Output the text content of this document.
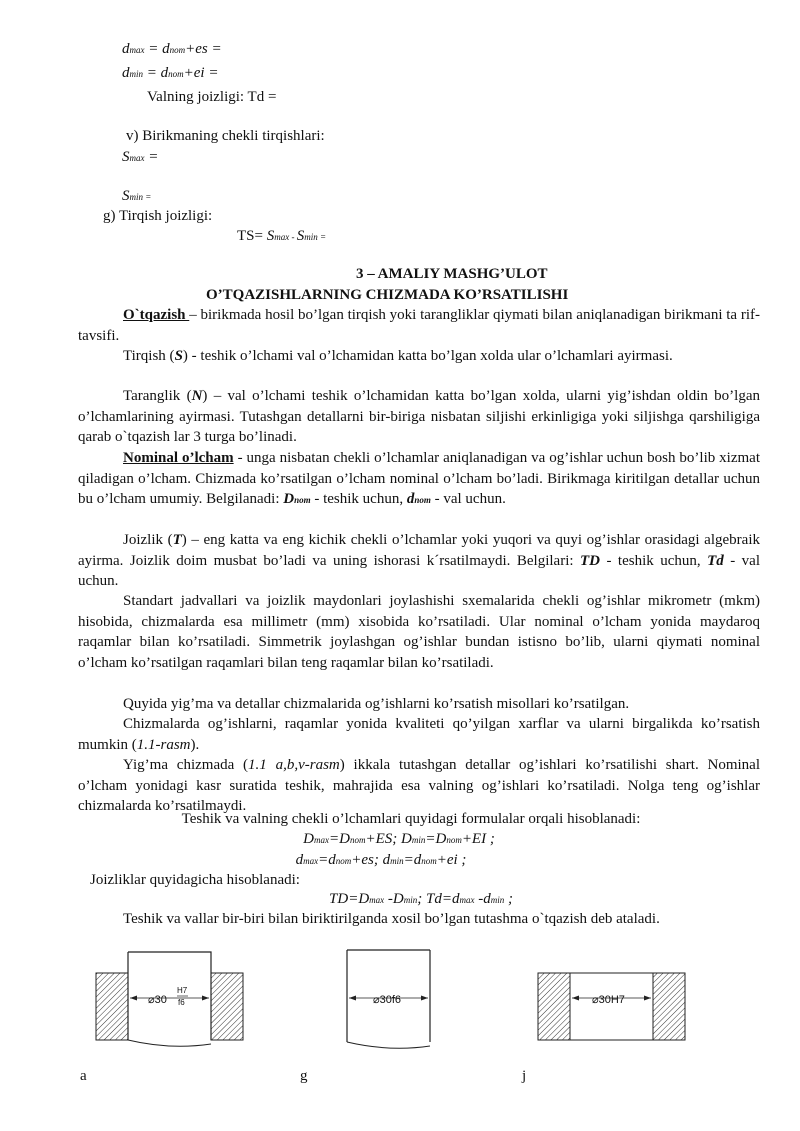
dmax = dnom+es =
dmin = dnom+ei =
Valning joizligi: Td =
v) Birikmaning chekli tirqishlari:
Smax =
Smin =
g) Tirqish joizligi:
TS= Smax - Smin =
3 – AMALIY MASHG’ULOT
O’TQAZISHLARNING CHIZMADA KO’RSATILISHI
O`tqazish – birikmada hosil bo’lgan tirqish yoki tarangliklar qiymati bilan aniqlanadigan birikmani ta rif-tavsifi.
Tirqish (S) - teshik o’lchami val o’lchamidan katta bo’lgan xolda ular o’lchamlari ayirmasi.
Taranglik (N) – val o’lchami teshik o’lchamidan katta bo’lgan xolda, ularni yig’ishdan oldin bo’lgan o’lchamlarining ayirmasi. Tutashgan detallarni bir-biriga nisbatan siljishi erkinligiga yoki siljishga qarshiligiga qarab o`tqazish lar 3 turga bo’linadi.
Nominal o’lcham - unga nisbatan chekli o’lchamlar aniqlanadigan va og’ishlar uchun bosh bo’lib xizmat qiladigan o’lcham. Chizmada ko’rsatilgan o’lcham nominal o’lcham bo’ladi. Birikmaga kiritilgan detallar uchun bu o’lcham umumiy. Belgilanadi: Dnom - teshik uchun, dnom - val uchun.
Joizlik (T) – eng katta va eng kichik chekli o’lchamlar yoki yuqori va quyi og’ishlar orasidagi algebraik ayirma. Joizlik doim musbat bo’ladi va uning ishorasi k´rsatilmaydi. Belgilari: TD - teshik uchun, Td - val uchun.
Standart jadvallari va joizlik maydonlari joylashishi sxemalarida chekli og’ishlar mikrometr (mkm) hisobida, chizmalarda esa millimetr (mm) xisobida ko’rsatiladi. Ular nominal o’lcham yonida maydaroq raqamlar bilan ko’rsatiladi. Simmetrik joylashgan og’ishlar bundan istisno bo’lib, ularni qiymati nominal o’lcham ko’rsatilgan raqamlari bilan teng raqamlar bilan ko’rsatiladi.
Quyida yig’ma va detallar chizmalarida og’ishlarni ko’rsatish misollari ko’rsatilgan.
Chizmalarda og’ishlarni, raqamlar yonida kvaliteti qo’yilgan xarflar va ularni birgalikda ko’rsatish mumkin (1.1-rasm).
Yig’ma chizmada (1.1 a,b,v-rasm) ikkala tutashgan detallar og’ishlari ko’rsatilishi shart. Nominal o’lcham yonidagi kasr suratida teshik, mahrajida esa valning og’ishlari ko’rsatiladi. Nolga teng og’ishlar chizmalarda ko’rsatilmaydi.
Teshik va valning chekli o’lchamlari quyidagi formulalar orqali hisoblanadi:
Dmax=Dnom+ES; Dmin=Dnom+EI ;
dmax=dnom+es; dmin=dnom+ei ;
Joizliklar quyidagicha hisoblanadi:
TD=Dmax -Dmin; Td=dmax -dmin ;
Teshik va vallar bir-biri bilan biriktirilganda xosil bo’lgan tutashma o`tqazish deb ataladi.
⌀30
H7
f6	⌀30f6	⌀30H7
a	g	j
